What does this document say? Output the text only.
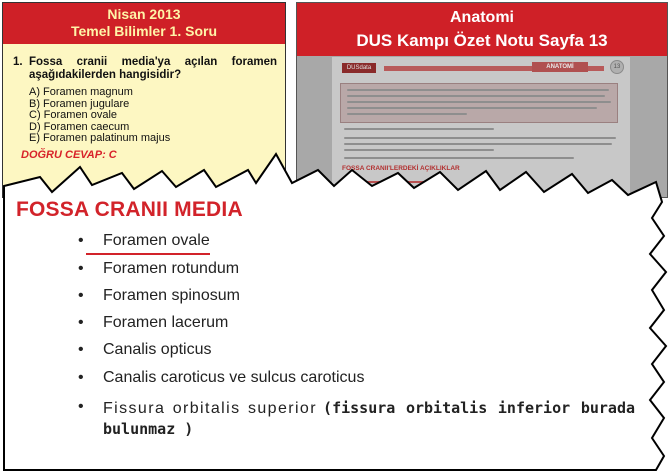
Nisan 2013
Temel Bilimler 1. Soru
1. Fossa cranii media'ya açılan foramen aşağıdakilerden hangisidir?
A) Foramen magnum
B) Foramen jugulare
C) Foramen ovale
D) Foramen caecum
E) Foramen palatinum majus
DOĞRU CEVAP: C
Anatomi
DUS Kampı Özet Notu Sayfa 13
DUSdata	ANATOMİ	13
FOSSA CRANII'LERDEKİ AÇIKLIKLAR
FOSSA CRANII MEDIA
• Foramen ovale
• Foramen rotundum
• Foramen spinosum
• Foramen lacerum
• Canalis opticus
• Canalis caroticus ve sulcus caroticus
• Fissura orbitalis superior (fissura orbitalis inferior burada bulunmaz )
